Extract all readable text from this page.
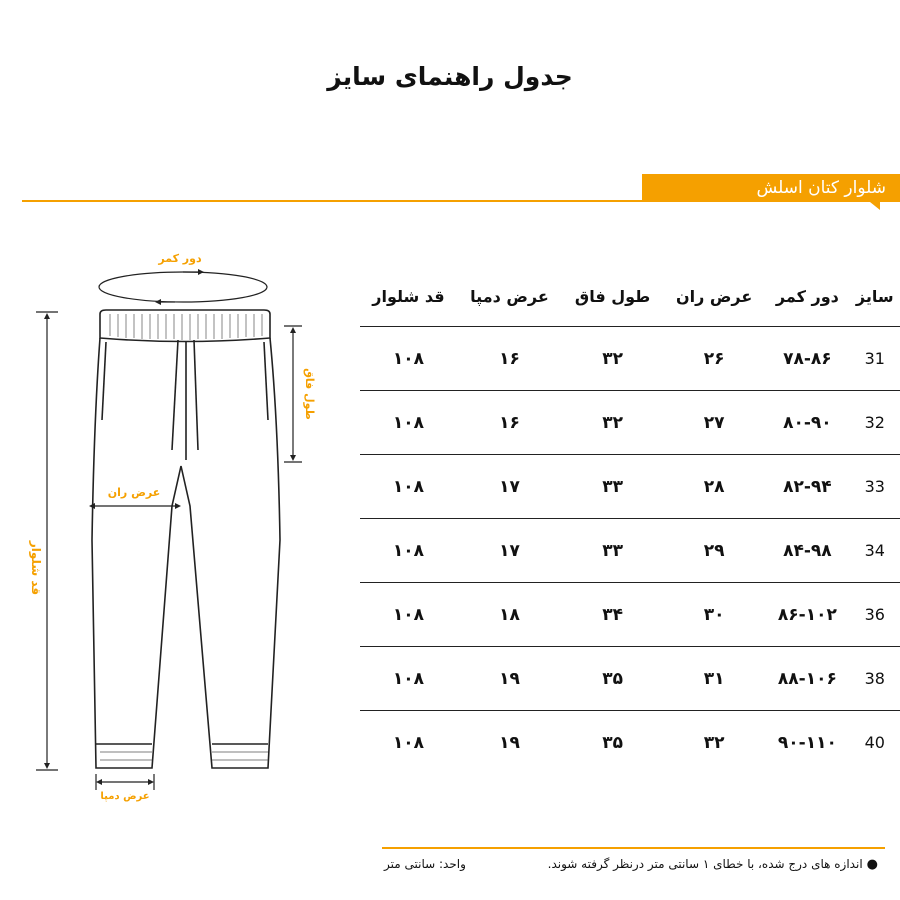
جدول راهنمای سایز
شلوار کتان اسلش
دور کمر
طول فاق
عرض ران
قد شلوار
عرض دمپا
سایز	دور کمر	عرض ران	طول فاق	عرض دمپا	قد شلوار
31	۷۸-۸۶	۲۶	۳۲	۱۶	۱۰۸
32	۸۰-۹۰	۲۷	۳۲	۱۶	۱۰۸
33	۸۲-۹۴	۲۸	۳۳	۱۷	۱۰۸
34	۸۴-۹۸	۲۹	۳۳	۱۷	۱۰۸
36	۸۶-۱۰۲	۳۰	۳۴	۱۸	۱۰۸
38	۸۸-۱۰۶	۳۱	۳۵	۱۹	۱۰۸
40	۹۰-۱۱۰	۳۲	۳۵	۱۹	۱۰۸
●اندازه های درج شده، با خطای ۱ سانتی متر درنظر گرفته شوند.
واحد: سانتی متر
